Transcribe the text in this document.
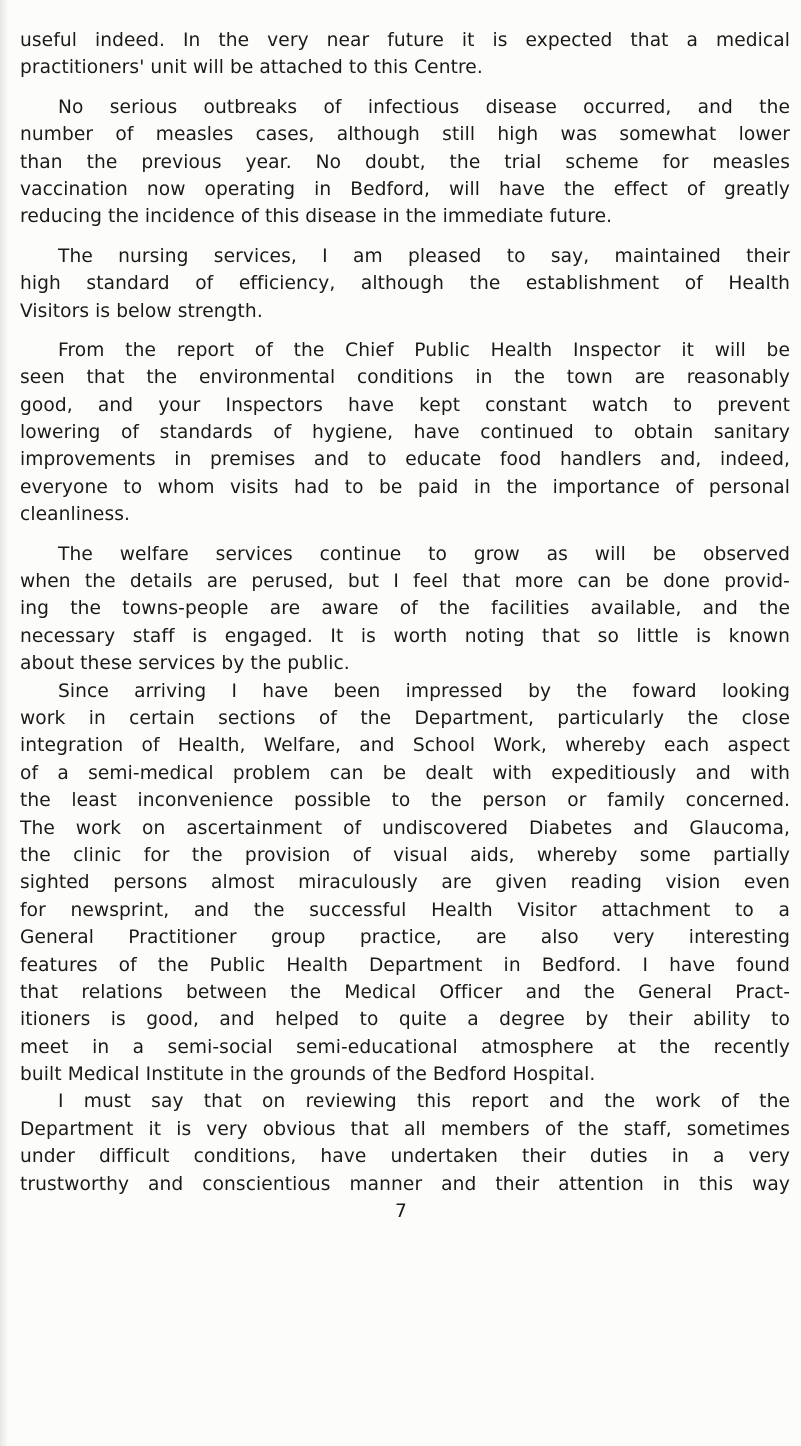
useful indeed. In the very near future it is expected that a medical
practitioners' unit will be attached to this Centre.
No serious outbreaks of infectious disease occurred, and the
number of measles cases, although still high was somewhat lower
than the previous year. No doubt, the trial scheme for measles
vaccination now operating in Bedford, will have the effect of greatly
reducing the incidence of this disease in the immediate future.
The nursing services, I am pleased to say, maintained their
high standard of efficiency, although the establishment of Health
Visitors is below strength.
From the report of the Chief Public Health Inspector it will be
seen that the environmental conditions in the town are reasonably
good, and your Inspectors have kept constant watch to prevent
lowering of standards of hygiene, have continued to obtain sanitary
improvements in premises and to educate food handlers and, indeed,
everyone to whom visits had to be paid in the importance of personal
cleanliness.
The welfare services continue to grow as will be observed
when the details are perused, but I feel that more can be done provid-
ing the towns-people are aware of the facilities available, and the
necessary staff is engaged. It is worth noting that so little is known
about these services by the public.
Since arriving I have been impressed by the foward looking
work in certain sections of the Department, particularly the close
integration of Health, Welfare, and School Work, whereby each aspect
of a semi-medical problem can be dealt with expeditiously and with
the least inconvenience possible to the person or family concerned.
The work on ascertainment of undiscovered Diabetes and Glaucoma,
the clinic for the provision of visual aids, whereby some partially
sighted persons almost miraculously are given reading vision even
for newsprint, and the successful Health Visitor attachment to a
General Practitioner group practice, are also very interesting
features of the Public Health Department in Bedford. I have found
that relations between the Medical Officer and the General Pract-
itioners is good, and helped to quite a degree by their ability to
meet in a semi-social semi-educational atmosphere at the recently
built Medical Institute in the grounds of the Bedford Hospital.
I must say that on reviewing this report and the work of the
Department it is very obvious that all members of the staff, sometimes
under difficult conditions, have undertaken their duties in a very
trustworthy and conscientious manner and their attention in this way
7
